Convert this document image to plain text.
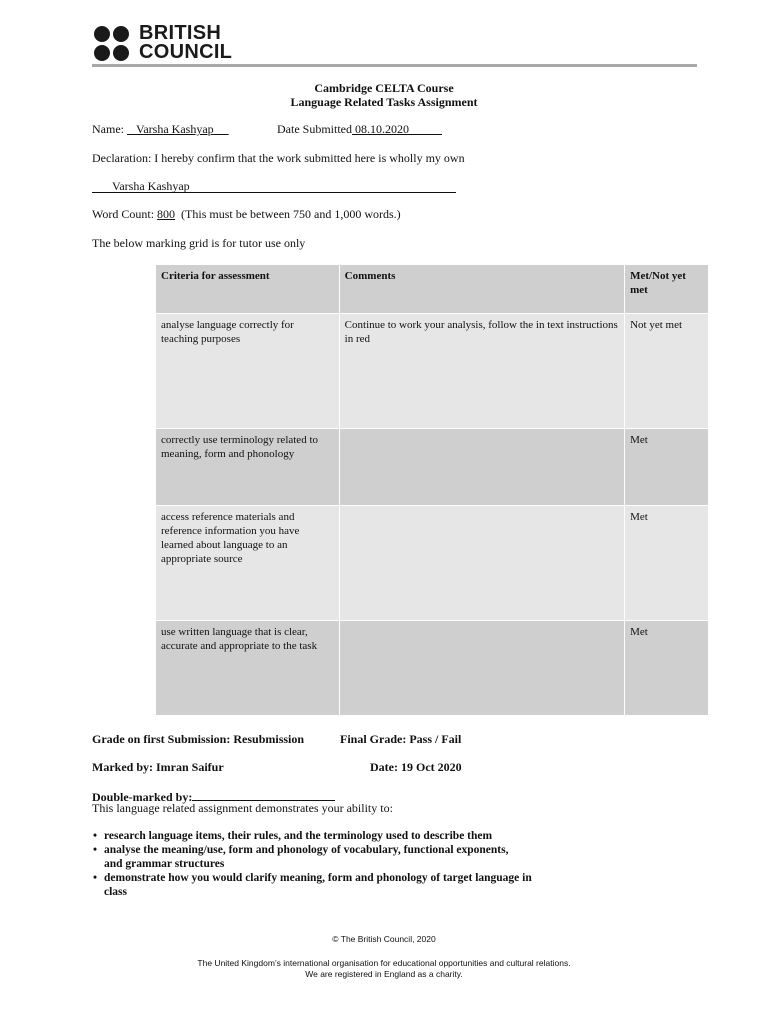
BRITISH
COUNCIL
Cambridge CELTA Course
Language Related Tasks Assignment
Name:    Varsha Kashyap	Date Submitted 08.10.2020
Declaration: I hereby confirm that the work submitted here is wholly my own
Varsha Kashyap
Word Count: 800 (This must be between 750 and 1,000 words.)
The below marking grid is for tutor use only
Criteria for assessment	Comments	Met/Not yet met
analyse language correctly for teaching purposes	Continue to work your analysis, follow the in text instructions in red	Not yet met
correctly use terminology related to meaning, form and phonology		Met
access reference materials and reference information you have learned about language to an appropriate source		Met
use written language that is clear, accurate and appropriate to the task		Met
Grade on first Submission: Resubmission	Final Grade: Pass / Fail
Marked by: Imran Saifur	Date: 19 Oct 2020
Double-marked by:
This language related assignment demonstrates your ability to:
• research language items, their rules, and the terminology used to describe them
• analyse the meaning/use, form and phonology of vocabulary, functional exponents, and grammar structures
• demonstrate how you would clarify meaning, form and phonology of target language in class
© The British Council, 2020
The United Kingdom’s international organisation for educational opportunities and cultural relations.
We are registered in England as a charity.
